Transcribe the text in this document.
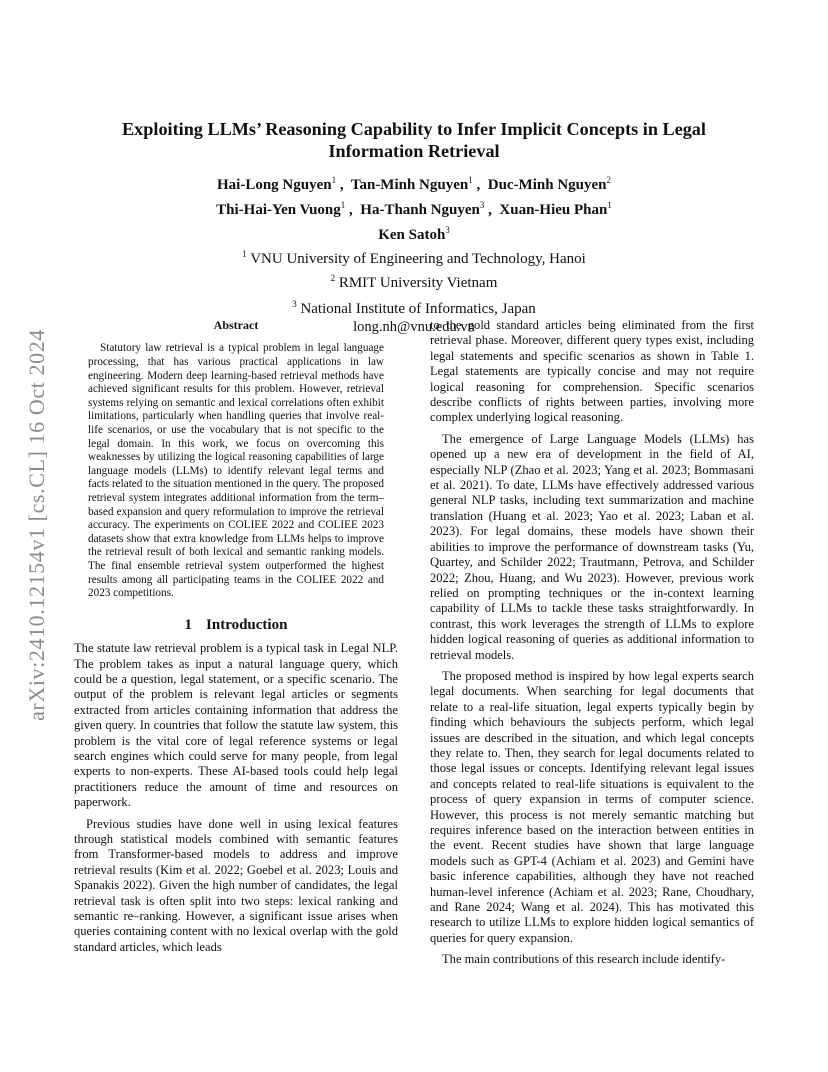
arXiv:2410.12154v1 [cs.CL] 16 Oct 2024
Exploiting LLMs’ Reasoning Capability to Infer Implicit Concepts in Legal
Information Retrieval
Hai-Long Nguyen$^1$ ,  Tan-Minh Nguyen$^1$ ,  Duc-Minh Nguyen$^2$
Thi-Hai-Yen Vuong$^1$ ,  Ha-Thanh Nguyen$^3$ ,  Xuan-Hieu Phan$^1$
Ken Satoh$^3$
$^1$ VNU University of Engineering and Technology, Hanoi
$^2$ RMIT University Vietnam
$^3$ National Institute of Informatics, Japan
long.nh@vnu.edu.vn
Abstract

Statutory law retrieval is a typical problem in legal language processing, that has various practical applications in law engineering. Modern deep learning-based retrieval methods have achieved significant results for this problem. However, retrieval systems relying on semantic and lexical correlations often exhibit limitations, particularly when handling queries that involve real-life scenarios, or use the vocabulary that is not specific to the legal domain. In this work, we focus on overcoming this weaknesses by utilizing the logical reasoning capabilities of large language models (LLMs) to identify relevant legal terms and facts related to the situation mentioned in the query. The proposed retrieval system integrates additional information from the term–based expansion and query reformulation to improve the retrieval accuracy. The experiments on COLIEE 2022 and COLIEE 2023 datasets show that extra knowledge from LLMs helps to improve the retrieval result of both lexical and semantic ranking models. The final ensemble retrieval system outperformed the highest results among all participating teams in the COLIEE 2022 and 2023 competitions.

1 Introduction

The statute law retrieval problem is a typical task in Legal NLP. The problem takes as input a natural language query, which could be a question, legal statement, or a specific scenario. The output of the problem is relevant legal articles or segments extracted from articles containing information that address the given query. In countries that follow the statute law system, this problem is the vital core of legal reference systems or legal search engines which could serve for many people, from legal experts to non-experts. These AI-based tools could help legal practitioners reduce the amount of time and resources on paperwork.

Previous studies have done well in using lexical features through statistical models combined with semantic features from Transformer-based models to address and improve retrieval results (Kim et al. 2022; Goebel et al. 2023; Louis and Spanakis 2022). Given the high number of candidates, the legal retrieval task is often split into two steps: lexical ranking and semantic re–ranking. However, a significant issue arises when queries containing content with no lexical overlap with the gold standard articles, which leads

to the gold standard articles being eliminated from the first retrieval phase. Moreover, different query types exist, including legal statements and specific scenarios as shown in Table 1. Legal statements are typically concise and may not require logical reasoning for comprehension. Specific scenarios describe conflicts of rights between parties, involving more complex underlying logical reasoning.

The emergence of Large Language Models (LLMs) has opened up a new era of development in the field of AI, especially NLP (Zhao et al. 2023; Yang et al. 2023; Bommasani et al. 2021). To date, LLMs have effectively addressed various general NLP tasks, including text summarization and machine translation (Huang et al. 2023; Yao et al. 2023; Laban et al. 2023). For legal domains, these models have shown their abilities to improve the performance of downstream tasks (Yu, Quartey, and Schilder 2022; Trautmann, Petrova, and Schilder 2022; Zhou, Huang, and Wu 2023). However, previous work relied on prompting techniques or the in-context learning capability of LLMs to tackle these tasks straightforwardly. In contrast, this work leverages the strength of LLMs to explore hidden logical reasoning of queries as additional information to retrieval models.

The proposed method is inspired by how legal experts search legal documents. When searching for legal documents that relate to a real-life situation, legal experts typically begin by finding which behaviours the subjects perform, which legal issues are described in the situation, and which legal concepts they relate to. Then, they search for legal documents related to those legal issues or concepts. Identifying relevant legal issues and concepts related to real-life situations is equivalent to the process of query expansion in terms of computer science. However, this process is not merely semantic matching but requires inference based on the interaction between entities in the event. Recent studies have shown that large language models such as GPT-4 (Achiam et al. 2023) and Gemini have basic inference capabilities, although they have not reached human-level inference (Achiam et al. 2023; Rane, Choudhary, and Rane 2024; Wang et al. 2024). This has motivated this research to utilize LLMs to explore hidden logical semantics of queries for query expansion.

The main contributions of this research include identify-
